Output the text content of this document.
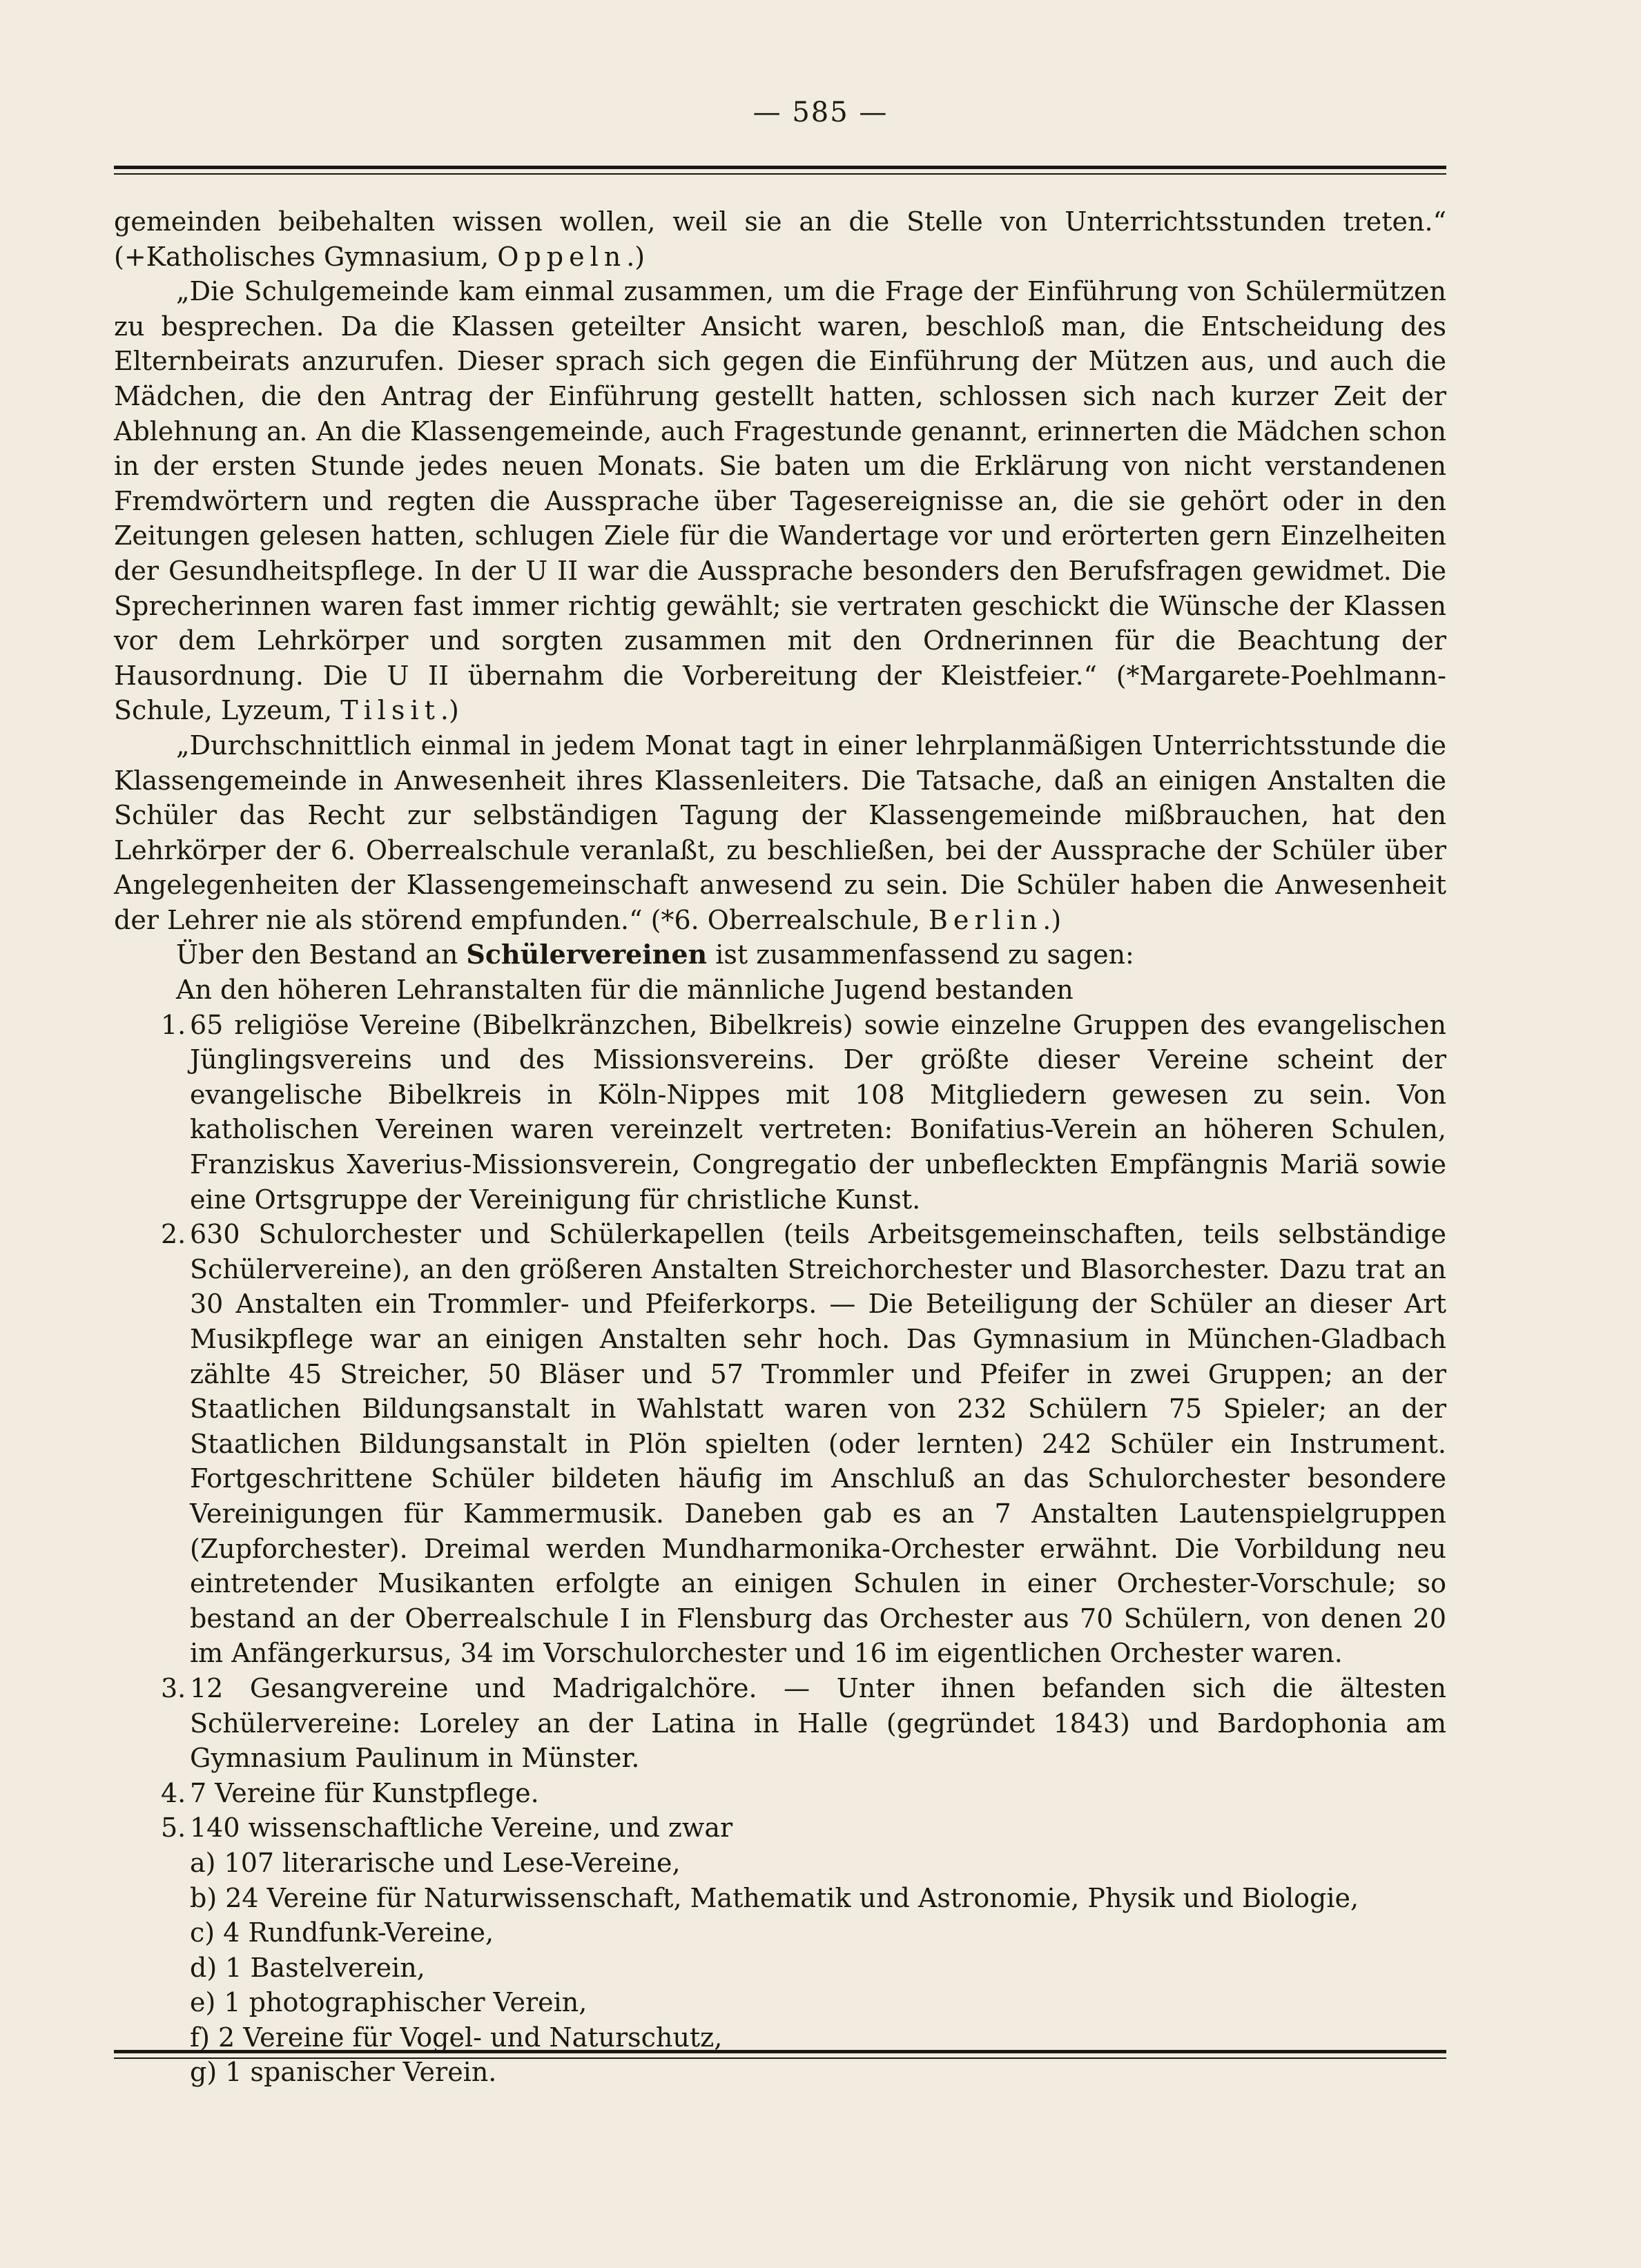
— 585 —

gemeinden beibehalten wissen wollen, weil sie an die Stelle von Unterrichtsstunden treten.“ (+Katholisches Gymnasium, Oppeln.)

„Die Schulgemeinde kam einmal zusammen, um die Frage der Einführung von Schülermützen zu besprechen. Da die Klassen geteilter Ansicht waren, beschloß man, die Entscheidung des Elternbeirats anzurufen. Dieser sprach sich gegen die Einführung der Mützen aus, und auch die Mädchen, die den Antrag der Einführung gestellt hatten, schlossen sich nach kurzer Zeit der Ablehnung an. An die Klassengemeinde, auch Fragestunde genannt, erinnerten die Mädchen schon in der ersten Stunde jedes neuen Monats. Sie baten um die Erklärung von nicht verstandenen Fremdwörtern und regten die Aussprache über Tagesereignisse an, die sie gehört oder in den Zeitungen gelesen hatten, schlugen Ziele für die Wandertage vor und erörterten gern Einzelheiten der Gesundheitspflege. In der U II war die Aussprache besonders den Berufsfragen gewidmet. Die Sprecherinnen waren fast immer richtig gewählt; sie vertraten geschickt die Wünsche der Klassen vor dem Lehrkörper und sorgten zusammen mit den Ordnerinnen für die Beachtung der Hausordnung. Die U II übernahm die Vorbereitung der Kleistfeier.“ (*Margarete-Poehlmann-Schule, Lyzeum, Tilsit.)

„Durchschnittlich einmal in jedem Monat tagt in einer lehrplanmäßigen Unterrichtsstunde die Klassengemeinde in Anwesenheit ihres Klassenleiters. Die Tatsache, daß an einigen Anstalten die Schüler das Recht zur selbständigen Tagung der Klassengemeinde mißbrauchen, hat den Lehrkörper der 6. Oberrealschule veranlaßt, zu beschließen, bei der Aussprache der Schüler über Angelegenheiten der Klassengemeinschaft anwesend zu sein. Die Schüler haben die Anwesenheit der Lehrer nie als störend empfunden.“ (*6. Oberrealschule, Berlin.)

Über den Bestand an Schülervereinen ist zusammenfassend zu sagen:

An den höheren Lehranstalten für die männliche Jugend bestanden

1. 65 religiöse Vereine (Bibelkränzchen, Bibelkreis) sowie einzelne Gruppen des evangelischen Jünglingsvereins und des Missionsvereins. Der größte dieser Vereine scheint der evangelische Bibelkreis in Köln-Nippes mit 108 Mitgliedern gewesen zu sein. Von katholischen Vereinen waren vereinzelt vertreten: Bonifatius-Verein an höheren Schulen, Franziskus Xaverius-Missionsverein, Congregatio der unbefleckten Empfängnis Mariä sowie eine Ortsgruppe der Vereinigung für christliche Kunst.
2. 630 Schulorchester und Schülerkapellen (teils Arbeitsgemeinschaften, teils selbständige Schülervereine), an den größeren Anstalten Streichorchester und Blasorchester. Dazu trat an 30 Anstalten ein Trommler- und Pfeiferkorps. — Die Beteiligung der Schüler an dieser Art Musikpflege war an einigen Anstalten sehr hoch. Das Gymnasium in München-Gladbach zählte 45 Streicher, 50 Bläser und 57 Trommler und Pfeifer in zwei Gruppen; an der Staatlichen Bildungsanstalt in Wahlstatt waren von 232 Schülern 75 Spieler; an der Staatlichen Bildungsanstalt in Plön spielten (oder lernten) 242 Schüler ein Instrument. Fortgeschrittene Schüler bildeten häufig im Anschluß an das Schulorchester besondere Vereinigungen für Kammermusik. Daneben gab es an 7 Anstalten Lautenspielgruppen (Zupforchester). Dreimal werden Mundharmonika-Orchester erwähnt. Die Vorbildung neu eintretender Musikanten erfolgte an einigen Schulen in einer Orchester-Vorschule; so bestand an der Oberrealschule I in Flensburg das Orchester aus 70 Schülern, von denen 20 im Anfängerkursus, 34 im Vorschulorchester und 16 im eigentlichen Orchester waren.
3. 12 Gesangvereine und Madrigalchöre. — Unter ihnen befanden sich die ältesten Schülervereine: Loreley an der Latina in Halle (gegründet 1843) und Bardophonia am Gymnasium Paulinum in Münster.
4. 7 Vereine für Kunstpflege.
5. 140 wissenschaftliche Vereine, und zwar
a) 107 literarische und Lese-Vereine,
b) 24 Vereine für Naturwissenschaft, Mathematik und Astronomie, Physik und Biologie,
c) 4 Rundfunk-Vereine,
d) 1 Bastelverein,
e) 1 photographischer Verein,
f) 2 Vereine für Vogel- und Naturschutz,
g) 1 spanischer Verein.
